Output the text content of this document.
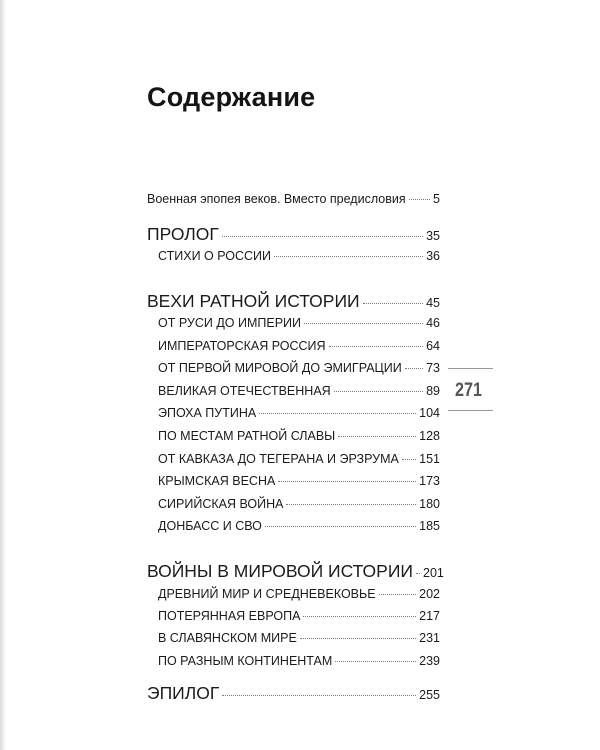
Содержание
271
Военная эпопея веков. Вместо предисловия 5
ПРОЛОГ	35
СТИХИ О РОССИИ	36
ВЕХИ РАТНОЙ ИСТОРИИ	45
ОТ РУСИ ДО ИМПЕРИИ	46
ИМПЕРАТОРСКАЯ РОССИЯ	64
ОТ ПЕРВОЙ МИРОВОЙ ДО ЭМИГРАЦИИ 73
ВЕЛИКАЯ ОТЕЧЕСТВЕННАЯ	89
ЭПОХА ПУТИНА	104
ПО МЕСТАМ РАТНОЙ СЛАВЫ	128
ОТ КАВКАЗА ДО ТЕГЕРАНА И ЭРЗРУМА 151
КРЫМСКАЯ ВЕСНА	173
СИРИЙСКАЯ ВОЙНА	180
ДОНБАСС И СВО	185
ВОЙНЫ В МИРОВОЙ ИСТОРИИ 201
ДРЕВНИЙ МИР И СРЕДНЕВЕКОВЬЕ	202
ПОТЕРЯННАЯ ЕВРОПА	217
В СЛАВЯНСКОМ МИРЕ	231
ПО РАЗНЫМ КОНТИНЕНТАМ	239
ЭПИЛОГ	255
